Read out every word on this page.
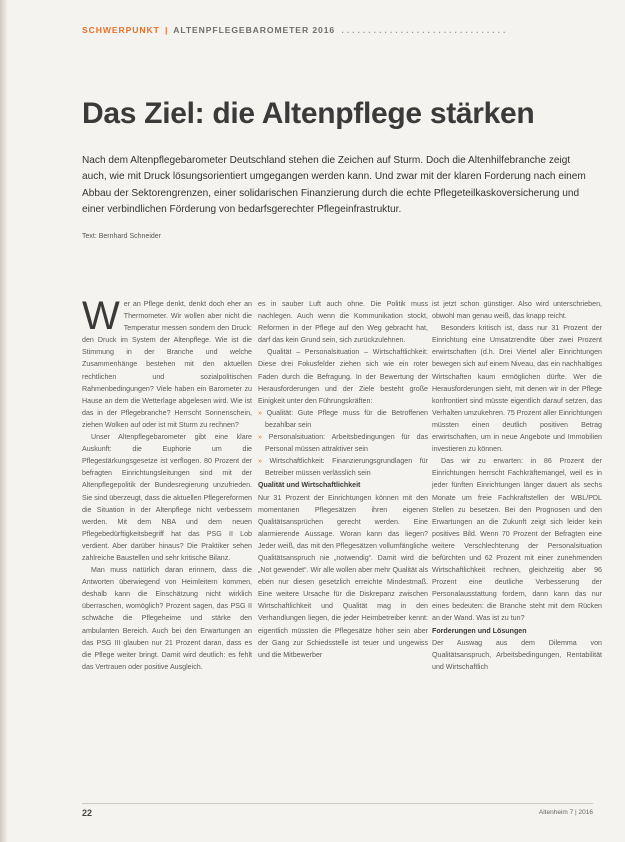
SCHWERPUNKT | ALTENPFLEGEBAROMETER 2016 ...............................
Das Ziel: die Altenpflege stärken

Nach dem Altenpflegebarometer Deutschland stehen die Zeichen auf Sturm. Doch die Altenhilfebranche zeigt auch, wie mit Druck lösungsorientiert umgegangen werden kann. Und zwar mit der klaren Forderung nach einem Abbau der Sektorengrenzen, einer solidarischen Finanzierung durch die echte Pflegeteilkaskoversicherung und einer verbindlichen Förderung von bedarfsgerechter Pflegeinfrastruktur.

Text: Bernhard Schneider

W er an Pflege denkt, denkt doch eher an Thermometer. Wir wollen aber nicht die Temperatur messen sondern den Druck: den Druck im System der Altenpflege. Wie ist die Stimmung in der Branche und welche Zusammenhänge bestehen mit den aktuellen rechtlichen und sozialpolitischen Rahmenbedingungen? Viele haben ein Barometer zu Hause an dem die Wetterlage abgelesen wird. Wie ist das in der Pflegebranche? Herrscht Sonnenschein, ziehen Wolken auf oder ist mit Sturm zu rechnen?

Unser Altenpflegebarometer gibt eine klare Auskunft: die Euphorie um die Pflegestärkungsgesetze ist verflogen. 80 Prozent der befragten Einrichtungsleitungen sind mit der Altenpflegepolitik der Bundesregierung unzufrieden. Sie sind überzeugt, dass die aktuellen Pflegereformen die Situation in der Altenpflege nicht verbessern werden. Mit dem NBA und dem neuen Pflegebedürftigkeitsbegriff hat das PSG II Lob verdient. Aber darüber hinaus? Die Praktiker sehen zahlreiche Baustellen und sehr kritische Bilanz.

Man muss natürlich daran erinnern, dass die Antworten überwiegend von Heimleitern kommen, deshalb kann die Einschätzung nicht wirklich überraschen, womöglich? Prozent sagen, das PSG II schwäche die Pflegeheime und stärke den ambulanten Bereich. Auch bei den Erwartungen an das PSG III glauben nur 21 Prozent daran, dass es die Pflege weiter bringt. Damit wird deutlich: es fehlt das Vertrauen oder positive Ausgleich.

es in sauber Luft auch ohne. Die Politik muss nachlegen. Auch wenn die Kommunikation stockt, Reformen in der Pflege auf den Weg gebracht hat, darf das kein Grund sein, sich zurückzulehnen.

Qualität – Personalsituation – Wirtschaftlichkeit: Diese drei Fokusfelder ziehen sich wie ein roter Faden durch die Befragung. In der Bewertung der Herausforderungen und der Ziele besteht große Einigkeit unter den Führungskräften:

» Qualität: Gute Pflege muss für die Betroffenen bezahlbar sein
» Personalsituation: Arbeitsbedingungen für das Personal müssen attraktiver sein
» Wirtschaftlichkeit: Finanzierungsgrundlagen für Betreiber müssen verlässlich sein

Qualität und Wirtschaftlichkeit

Nur 31 Prozent der Einrichtungen können mit den momentanen Pflegesätzen ihren eigenen Qualitätsansprüchen gerecht werden. Eine alarmierende Aussage. Woran kann das liegen? Jeder weiß, das mit den Pflegesätzen vollumfängliche Qualitätsanspruch nie „notwendig“. Damit wird die „Not gewendet“. Wir alle wollen aber mehr Qualität als eben nur diesen gesetzlich erreichte Mindestmaß. Eine weitere Ursache für die Diskrepanz zwischen Wirtschaftlichkeit und Qualität mag in den Verhandlungen liegen, die jeder Heimbetreiber kennt: eigentlich müssten die Pflegesätze höher sein aber der Gang zur Schiedsstelle ist teuer und ungewiss und die Mitbewerber

ist jetzt schon günstiger. Also wird unterschrieben, obwohl man genau weiß, das knapp reicht.

Besonders kritisch ist, dass nur 31 Prozent der Einrichtung eine Umsatzrendite über zwei Prozent erwirtschaften (d.h. Drei Viertel aller Einrichtungen bewegen sich auf einem Niveau, das ein nachhaltiges Wirtschaften kaum ermöglichen dürfte. Wer die Herausforderungen sieht, mit denen wir in der Pflege konfrontiert sind müsste eigentlich darauf setzen, das Verhalten umzukehren. 75 Prozent aller Einrichtungen müssten einen deutlich positiven Betrag erwirtschaften, um in neue Angebote und Immobilien investieren zu können.

Das wir zu erwarten: in 86 Prozent der Einrichtungen herrscht Fachkräftemangel, weil es in jeder fünften Einrichtungen länger dauert als sechs Monate um freie Fachkraftstellen der WBL/PDL Stellen zu besetzen. Bei den Prognosen und den Erwartungen an die Zukunft zeigt sich leider kein positives Bild. Wenn 70 Prozent der Befragten eine weitere Verschlechterung der Personalsituation befürchten und 62 Prozent mit einer zunehmenden Wirtschaftlichkeit rechnen, gleichzeitig aber 96 Prozent eine deutliche Verbesserung der Personalausstattung fordern, dann kann das nur eines bedeuten: die Branche steht mit dem Rücken an der Wand. Was ist zu tun?

Forderungen und Lösungen

Der Auswag aus dem Dilemma von Qualitätsanspruch, Arbeitsbedingungen, Rentabilität und Wirtschaftlich

22	Altenheim 7 | 2016
